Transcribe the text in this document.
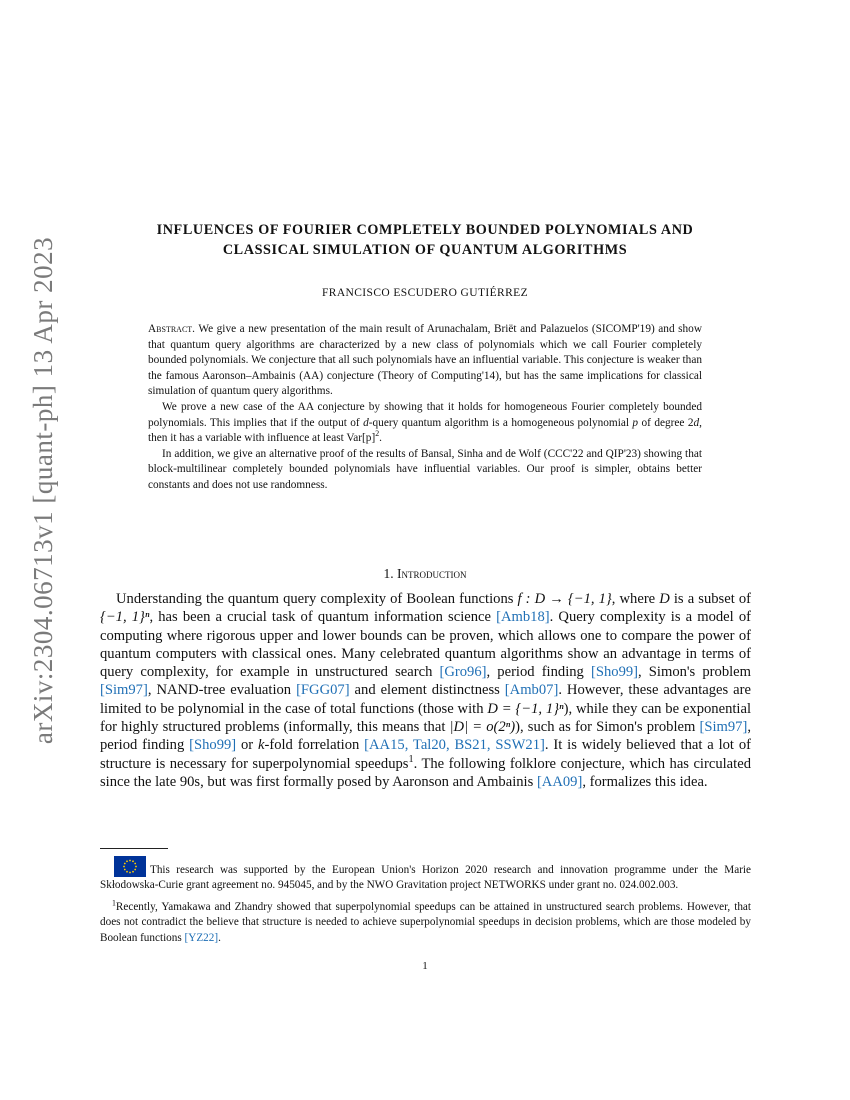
arXiv:2304.06713v1 [quant-ph] 13 Apr 2023
INFLUENCES OF FOURIER COMPLETELY BOUNDED POLYNOMIALS AND
CLASSICAL SIMULATION OF QUANTUM ALGORITHMS
FRANCISCO ESCUDERO GUTIÉRREZ

Abstract. We give a new presentation of the main result of Arunachalam, Briët and Palazuelos (SICOMP'19) and show that quantum query algorithms are characterized by a new class of polynomials which we call Fourier completely bounded polynomials. We conjecture that all such polynomials have an influential variable. This conjecture is weaker than the famous Aaronson–Ambainis (AA) conjecture (Theory of Computing'14), but has the same implications for classical simulation of quantum query algorithms.

We prove a new case of the AA conjecture by showing that it holds for homogeneous Fourier completely bounded polynomials. This implies that if the output of d-query quantum algorithm is a homogeneous polynomial p of degree 2d, then it has a variable with influence at least $Var[p]^2$.

In addition, we give an alternative proof of the results of Bansal, Sinha and de Wolf (CCC'22 and QIP'23) showing that block-multilinear completely bounded polynomials have influential variables. Our proof is simpler, obtains better constants and does not use randomness.

1. Introduction

Understanding the quantum query complexity of Boolean functions f : D → {−1, 1}, where D is a subset of {−1, 1}ⁿ, has been a crucial task of quantum information science [Amb18]. Query complexity is a model of computing where rigorous upper and lower bounds can be proven, which allows one to compare the power of quantum computers with classical ones. Many celebrated quantum algorithms show an advantage in terms of query complexity, for example in unstructured search [Gro96], period finding [Sho99], Simon's problem [Sim97], NAND-tree evaluation [FGG07] and element distinctness [Amb07]. However, these advantages are limited to be polynomial in the case of total functions (those with D = {−1, 1}ⁿ), while they can be exponential for highly structured problems (informally, this means that |D| = o(2ⁿ)), such as for Simon's problem [Sim97], period finding [Sho99] or k-fold forrelation [AA15, Tal20, BS21, SSW21]. It is widely believed that a lot of structure is necessary for superpolynomial speedups$^1$. The following folklore conjecture, which has circulated since the late 90s, but was first formally posed by Aaronson and Ambainis [AA09], formalizes this idea.

This research was supported by the European Union's Horizon 2020 research and innovation programme under the Marie Skłodowska-Curie grant agreement no. 945045, and by the NWO Gravitation project NETWORKS under grant no. 024.002.003.

$^1$Recently, Yamakawa and Zhandry showed that superpolynomial speedups can be attained in unstructured search problems. However, that does not contradict the believe that structure is needed to achieve superpolynomial speedups in decision problems, which are those modeled by Boolean functions [YZ22].

1
